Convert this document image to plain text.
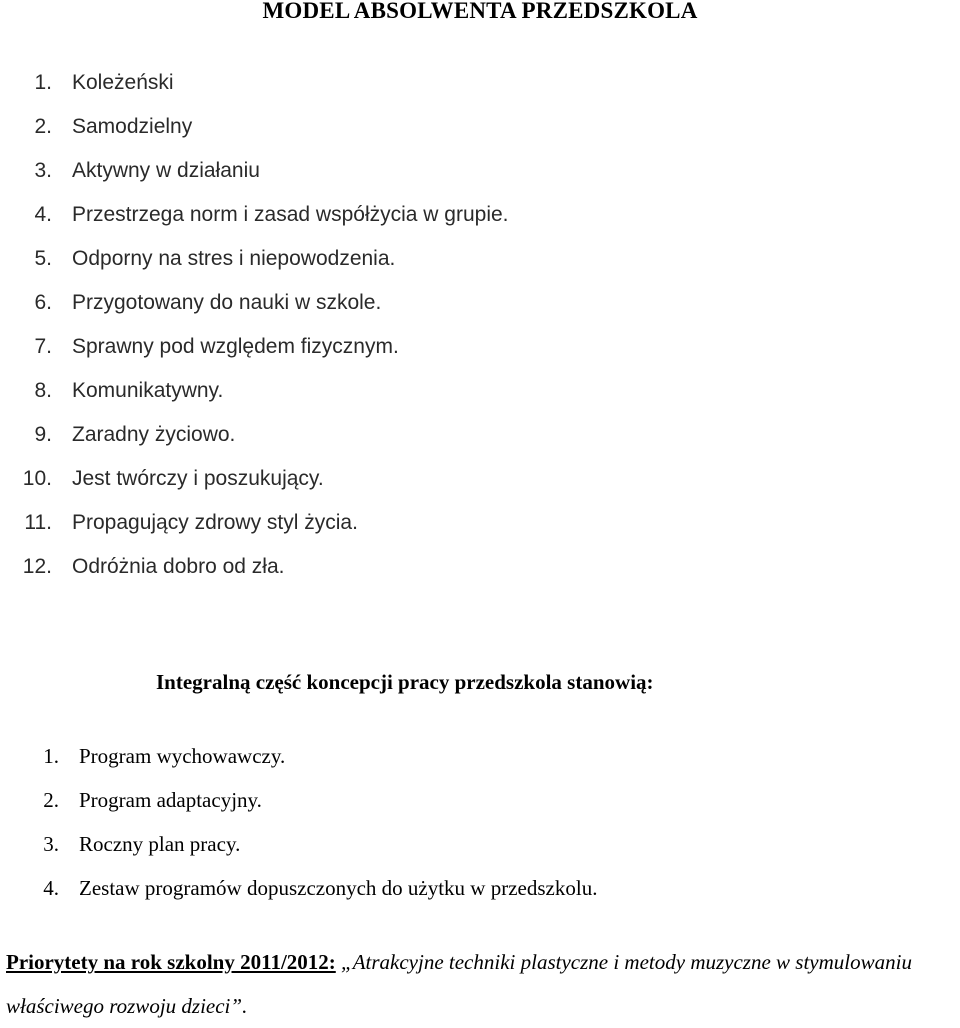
MODEL ABSOLWENTA PRZEDSZKOLA
1. Koleżeński
2. Samodzielny
3. Aktywny w działaniu
4. Przestrzega norm i zasad współżycia w grupie.
5. Odporny na stres i niepowodzenia.
6. Przygotowany do nauki w szkole.
7. Sprawny pod względem fizycznym.
8. Komunikatywny.
9. Zaradny życiowo.
10. Jest twórczy i poszukujący.
11. Propagujący zdrowy styl życia.
12. Odróżnia dobro od zła.
Integralną część koncepcji pracy przedszkola stanowią:
1. Program wychowawczy.
2. Program adaptacyjny.
3. Roczny plan pracy.
4. Zestaw programów dopuszczonych do użytku w przedszkolu.
Priorytety na rok szkolny 2011/2012: „Atrakcyjne techniki plastyczne i metody muzyczne w stymulowaniu właściwego rozwoju dzieci”.
